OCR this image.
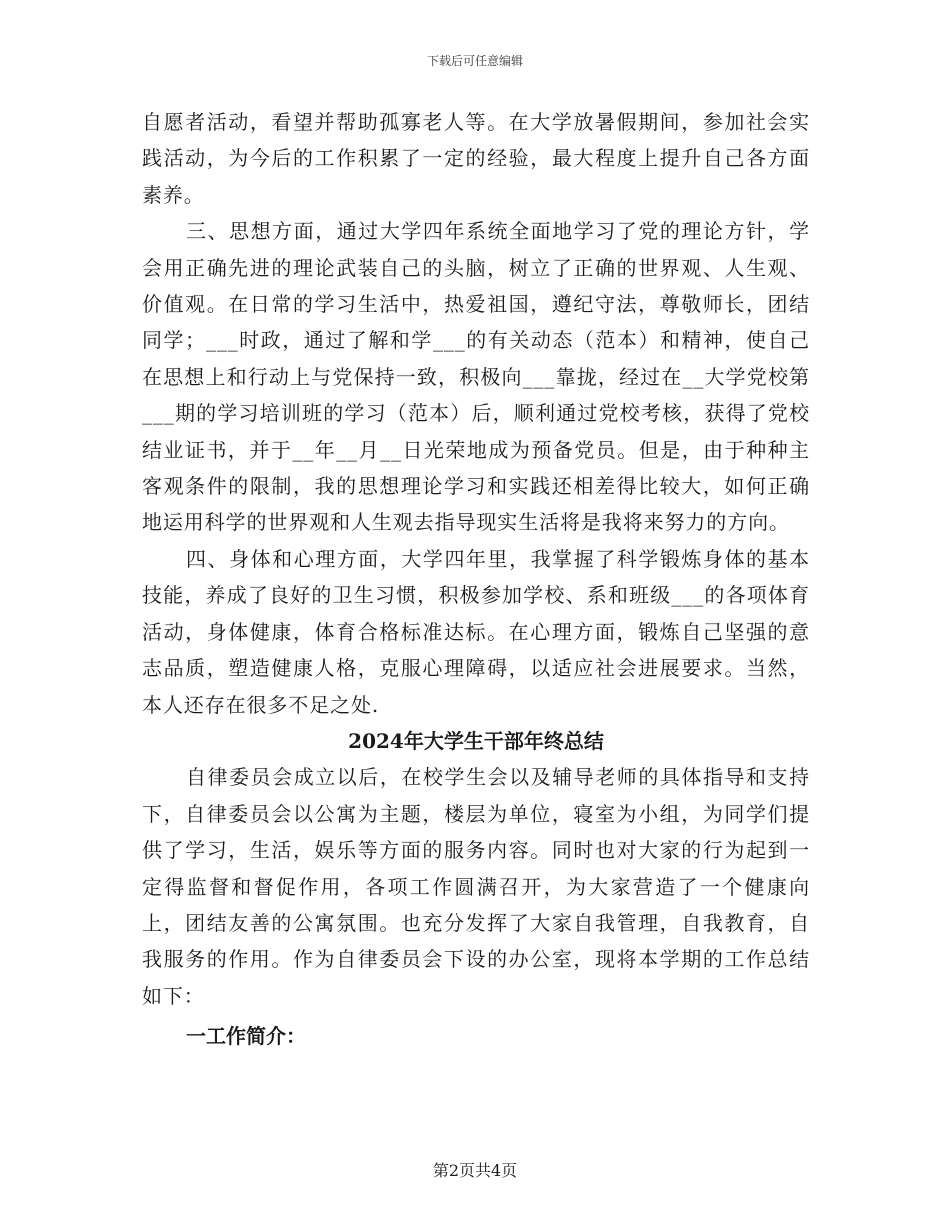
下载后可任意编辑

自愿者活动，看望并帮助孤寡老人等。在大学放暑假期间，参加社会实践活动，为今后的工作积累了一定的经验，最大程度上提升自己各方面素养。

三、思想方面，通过大学四年系统全面地学习了党的理论方针，学会用正确先进的理论武装自己的头脑，树立了正确的世界观、人生观、价值观。在日常的学习生活中，热爱祖国，遵纪守法，尊敬师长，团结同学；___时政，通过了解和学___的有关动态（范本）和精神，使自己在思想上和行动上与党保持一致，积极向___靠拢，经过在__大学党校第___期的学习培训班的学习（范本）后，顺利通过党校考核，获得了党校结业证书，并于__年__月__日光荣地成为预备党员。但是，由于种种主客观条件的限制，我的思想理论学习和实践还相差得比较大，如何正确地运用科学的世界观和人生观去指导现实生活将是我将来努力的方向。

四、身体和心理方面，大学四年里，我掌握了科学锻炼身体的基本技能，养成了良好的卫生习惯，积极参加学校、系和班级___的各项体育活动，身体健康，体育合格标准达标。在心理方面，锻炼自己坚强的意志品质，塑造健康人格，克服心理障碍，以适应社会进展要求。当然，本人还存在很多不足之处.

2024年大学生干部年终总结

自律委员会成立以后，在校学生会以及辅导老师的具体指导和支持下，自律委员会以公寓为主题，楼层为单位，寝室为小组，为同学们提供了学习，生活，娱乐等方面的服务内容。同时也对大家的行为起到一定得监督和督促作用，各项工作圆满召开，为大家营造了一个健康向上，团结友善的公寓氛围。也充分发挥了大家自我管理，自我教育，自我服务的作用。作为自律委员会下设的办公室，现将本学期的工作总结如下：

一工作简介：
第2页共4页
